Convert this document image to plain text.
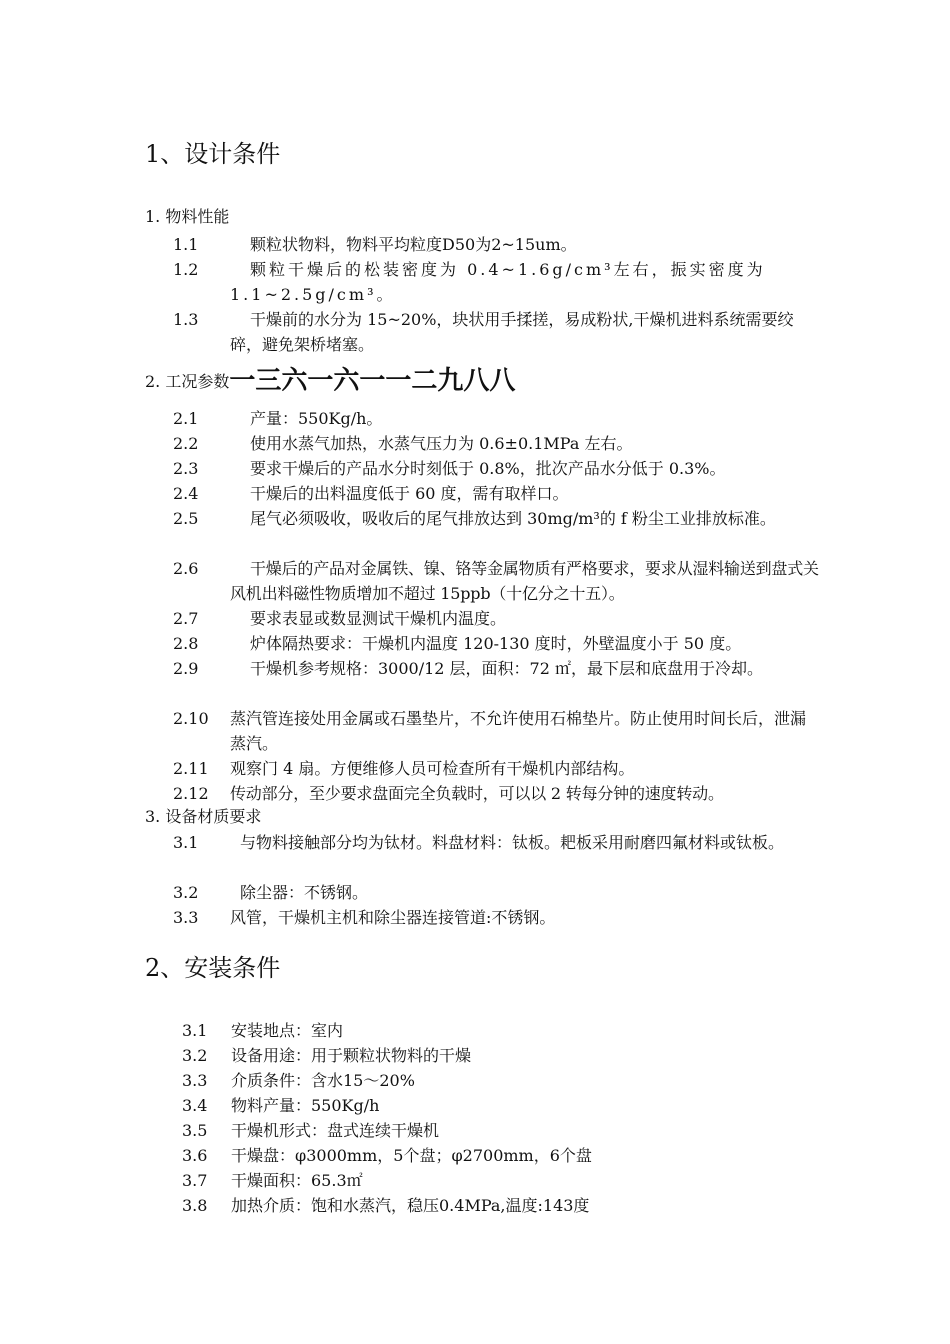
1、设计条件
1. 物料性能
1.1	颗粒状物料，物料平均粒度D50为2~15um。
1.2	颗粒干燥后的松装密度为 0.4~1.6g/cm³左右，振实密度为1.1~2.5g/cm³。
1.3	干燥前的水分为 15~20%，块状用手揉搓，易成粉状,干燥机进料系统需要绞碎，避免架桥堵塞。
2. 工况参数一三六一六一一二九八八
2.1	产量：550Kg/h。
2.2	使用水蒸气加热，水蒸气压力为 0.6±0.1MPa 左右。
2.3	要求干燥后的产品水分时刻低于 0.8%，批次产品水分低于 0.3%。
2.4	干燥后的出料温度低于 60 度，需有取样口。
2.5	尾气必须吸收，吸收后的尾气排放达到 30mg/m³的 f 粉尘工业排放标准。
2.6	干燥后的产品对金属铁、镍、铬等金属物质有严格要求，要求从湿料输送到盘式关风机出料磁性物质增加不超过 15ppb（十亿分之十五）。
2.7	要求表显或数显测试干燥机内温度。
2.8	炉体隔热要求：干燥机内温度 120-130 度时，外壁温度小于 50 度。
2.9	干燥机参考规格：3000/12 层，面积：72 ㎡，最下层和底盘用于冷却。
2.10	蒸汽管连接处用金属或石墨垫片，不允许使用石棉垫片。防止使用时间长后，泄漏蒸汽。
2.11	观察门 4 扇。方便维修人员可检查所有干燥机内部结构。
2.12	传动部分，至少要求盘面完全负载时，可以以 2 转每分钟的速度转动。
3. 设备材质要求
3.1	与物料接触部分均为钛材。料盘材料：钛板。耙板采用耐磨四氟材料或钛板。
3.2	除尘器：不锈钢。
3.3	风管，干燥机主机和除尘器连接管道:不锈钢。
2、安装条件
3.1 安装地点：室内
3.2 设备用途：用于颗粒状物料的干燥
3.3 介质条件：含水15～20%
3.4 物料产量：550Kg/h
3.5 干燥机形式：盘式连续干燥机
3.6 干燥盘：φ3000mm，5个盘；φ2700mm，6个盘
3.7 干燥面积：65.3㎡
3.8 加热介质：饱和水蒸汽，稳压0.4MPa,温度:143度
